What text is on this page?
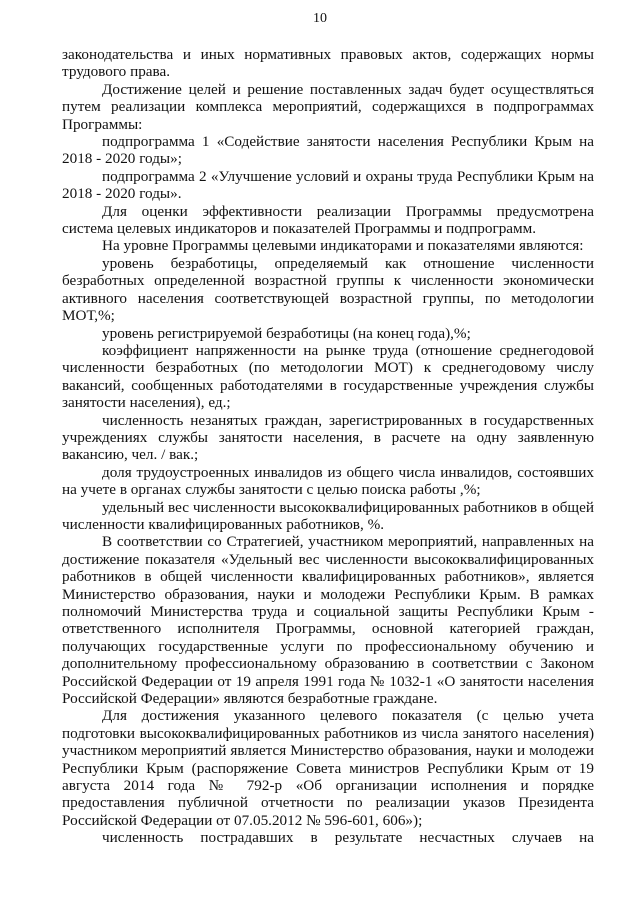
10

законодательства и иных нормативных правовых актов, содержащих нормы трудового права.

Достижение целей и решение поставленных задач будет осуществляться путем реализации комплекса мероприятий, содержащихся в подпрограммах Программы:

подпрограмма 1 «Содействие занятости населения Республики Крым на 2018 - 2020 годы»;

подпрограмма 2 «Улучшение условий и охраны труда Республики Крым на 2018 - 2020 годы».

Для оценки эффективности реализации Программы предусмотрена система целевых индикаторов и показателей Программы и подпрограмм.

На уровне Программы целевыми индикаторами и показателями являются:

уровень безработицы, определяемый как отношение численности безработных определенной возрастной группы к численности экономически активного населения соответствующей возрастной группы, по методологии МОТ,%;

уровень регистрируемой безработицы (на конец года),%;

коэффициент напряженности на рынке труда (отношение среднегодовой численности безработных (по методологии МОТ) к среднегодовому числу вакансий, сообщенных работодателями в государственные учреждения службы занятости населения), ед.;

численность незанятых граждан, зарегистрированных в государственных учреждениях службы занятости населения, в расчете на одну заявленную вакансию, чел. / вак.;

доля трудоустроенных инвалидов из общего числа инвалидов, состоявших на учете в органах службы занятости с целью поиска работы ,%;

удельный вес численности высококвалифицированных работников в общей численности квалифицированных работников, %.

В соответствии со Стратегией, участником мероприятий, направленных на достижение показателя «Удельный вес численности высококвалифицированных работников в общей численности квалифицированных работников», является Министерство образования, науки и молодежи Республики Крым. В рамках полномочий Министерства труда и социальной защиты Республики Крым - ответственного исполнителя Программы, основной категорией граждан, получающих государственные услуги по профессиональному обучению и дополнительному профессиональному образованию в соответствии с Законом Российской Федерации от 19 апреля 1991 года № 1032-1 «О занятости населения Российской Федерации» являются безработные граждане.

Для достижения указанного целевого показателя (с целью учета подготовки высококвалифицированных работников из числа занятого населения) участником мероприятий является Министерство образования, науки и молодежи Республики Крым (распоряжение Совета министров Республики Крым от 19 августа 2014 года № 792-р «Об организации исполнения и порядке предоставления публичной отчетности по реализации указов Президента Российской Федерации от 07.05.2012 № 596-601, 606»);

численность пострадавших в результате несчастных случаев на
